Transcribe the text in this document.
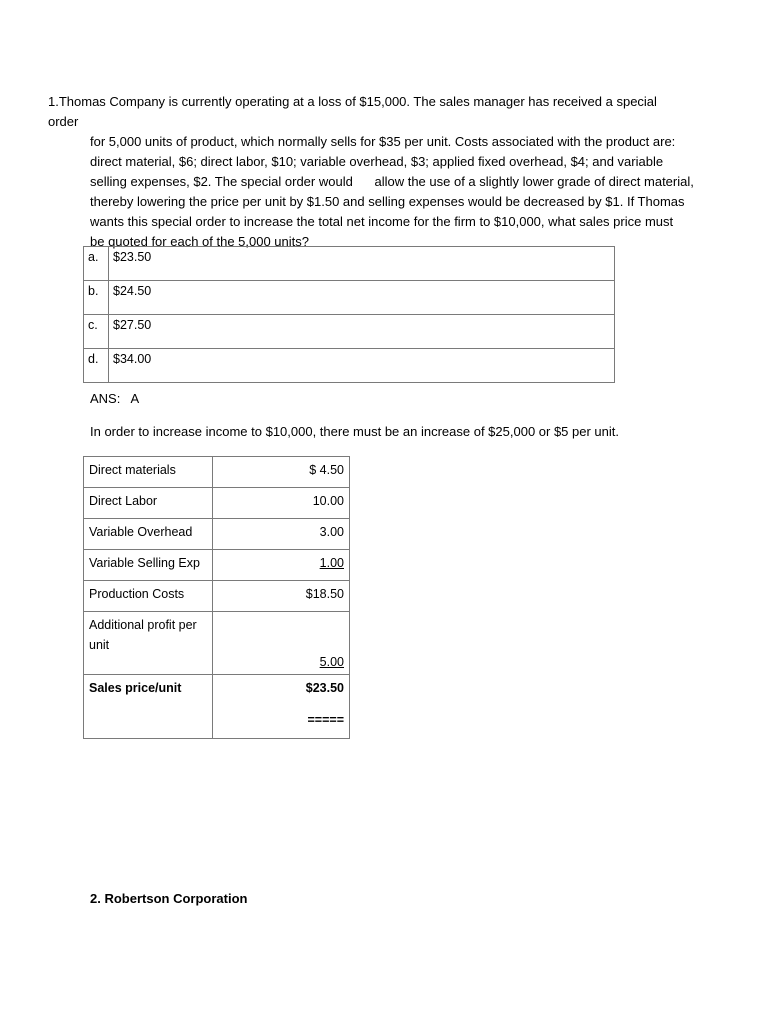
1.Thomas Company is currently operating at a loss of $15,000. The sales manager has received a special order
for 5,000 units of product, which normally sells for $35 per unit. Costs associated with the product are:
direct material, $6; direct labor, $10; variable overhead, $3; applied fixed overhead, $4; and variable
selling expenses, $2. The special order would      allow the use of a slightly lower grade of direct material,
thereby lowering the price per unit by $1.50 and selling expenses would be decreased by $1. If Thomas
wants this special order to increase the total net income for the firm to $10,000, what sales price must
be quoted for each of the 5,000 units?
a.	$23.50
b.	$24.50
c.	$27.50
d.	$34.00
ANS:   A
In order to increase income to $10,000, there must be an increase of $25,000 or $5 per unit.
Direct materials	$ 4.50
Direct Labor	10.00
Variable Overhead	3.00
Variable Selling Exp	1.00
Production Costs	$18.50
Additional profit per unit	5.00
Sales price/unit	$23.50
=====
2. Robertson Corporation
